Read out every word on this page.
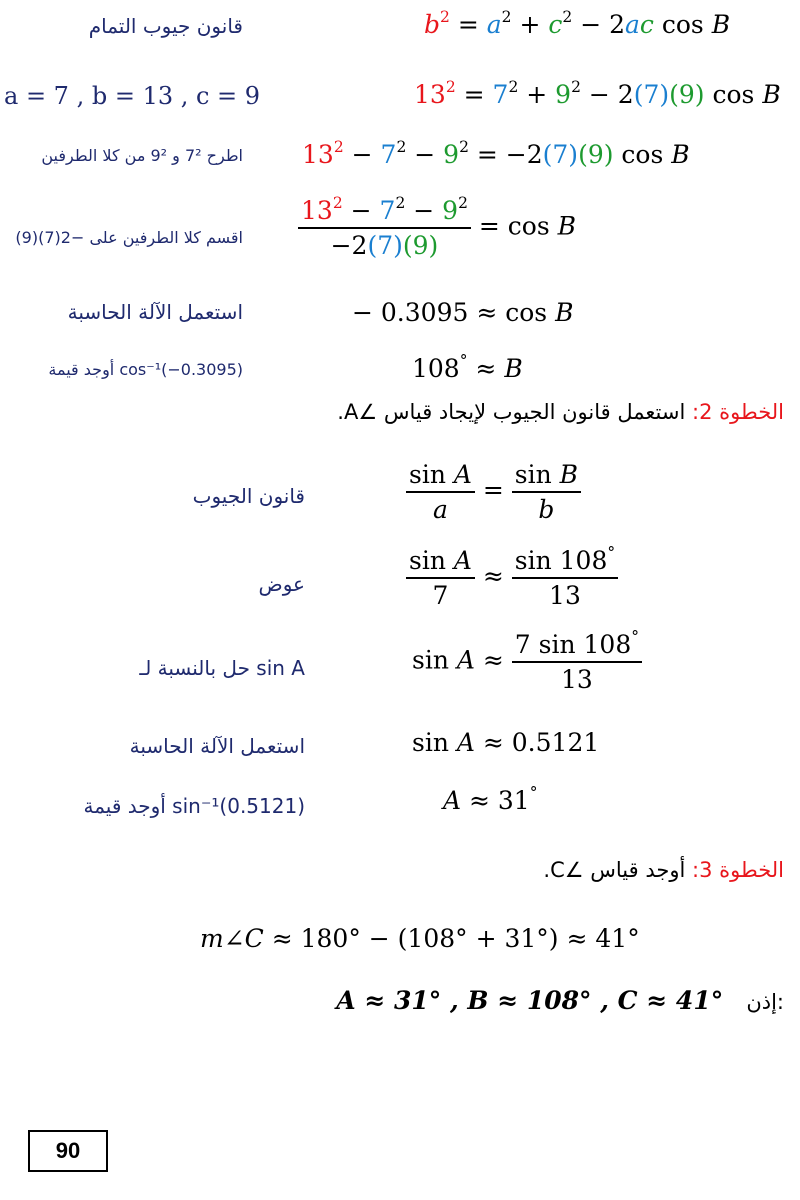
قانون جيوب التمام	$b^2 = a^2 + c^2 - 2ac$ cos B
a = 7 , b = 13 , c = 9	$13^2 = 7^2 + 9^2 - 2(7)(9)$ cos B
اطرح 7² و 9² من كلا الطرفين $13^2 - 7^2 - 9^2 = -2(7)(9)$ cos B
اقسم كلا الطرفين على $-2(7)(9) \frac{13^2 - 7^2 - 9^2}{-2(7)(9)} = \cos B$
استعمل الآلة الحاسبة	− 0.3095 ≈ cos B
أوجد قيمة cos⁻¹(−0.3095)	108° ≈ B
الخطوة 2: استعمل قانون الجيوب لإيجاد قياس ∠A.
قانون الجيوب	$\frac{\text{sin A}}{a} = \frac{\text{sin B}}{b}$
عوض	$\frac{\text{sin A}}{7} \approx \frac{\sin 108^\circ}{13}$
حل بالنسبة لـ sin A	$\sin A \approx \frac{7 \sin 108^\circ}{13}$
استعمل الآلة الحاسبة	sin A ≈ 0.5121
أوجد قيمة sin⁻¹(0.5121)	A ≈ 31°
الخطوة 3: أوجد قياس ∠C.
m∠C ≈ 180° − (108° + 31°) ≈ 41°
A ≈ 31° , B ≈ 108° , C ≈ 41° إذن:
90
